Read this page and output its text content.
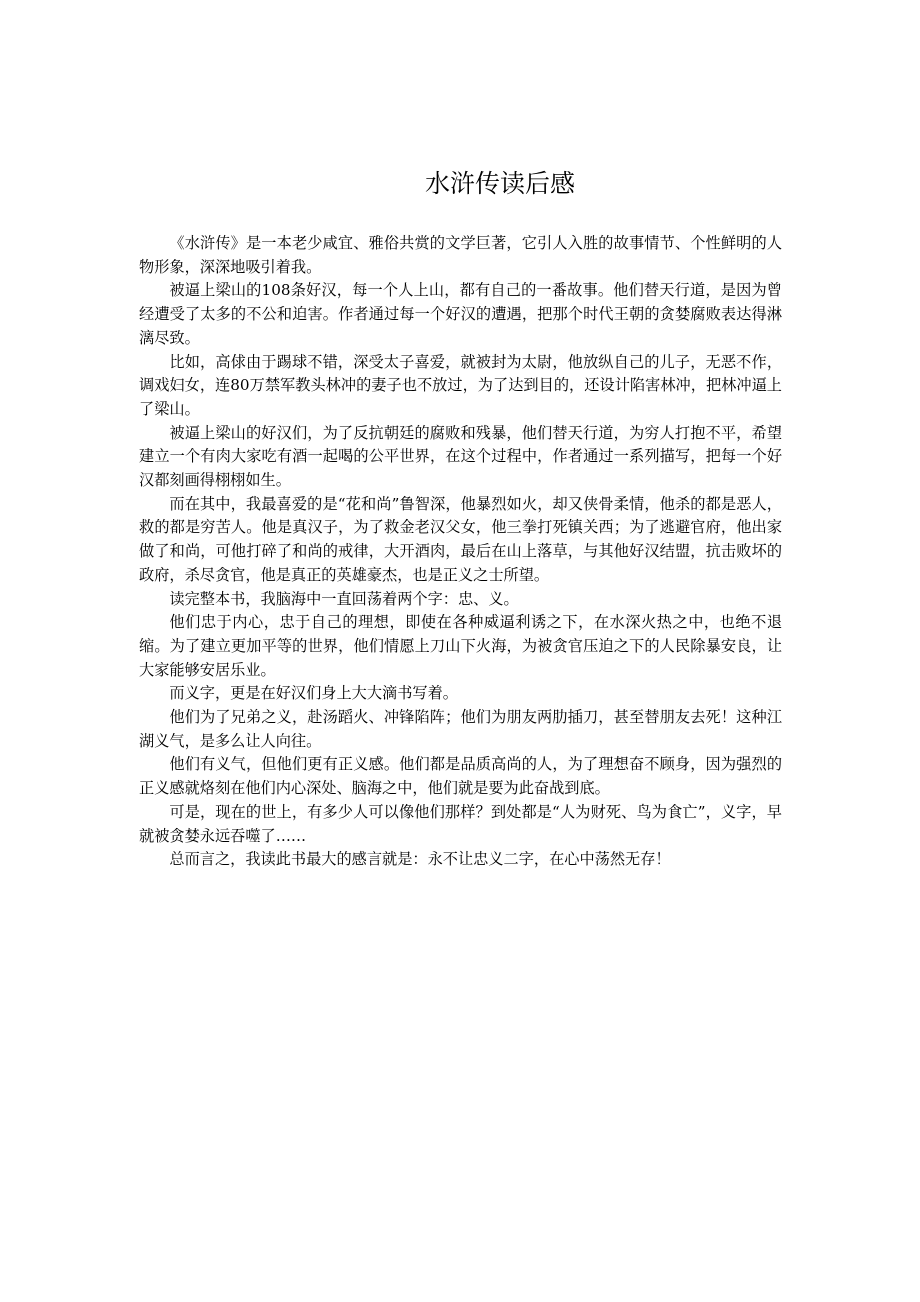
水浒传读后感

《水浒传》是一本老少咸宜、雅俗共赏的文学巨著，它引人入胜的故事情节、个性鲜明的人物形象，深深地吸引着我。

被逼上梁山的108条好汉，每一个人上山，都有自己的一番故事。他们替天行道，是因为曾经遭受了太多的不公和迫害。作者通过每一个好汉的遭遇，把那个时代王朝的贪婪腐败表达得淋漓尽致。

比如，高俅由于踢球不错，深受太子喜爱，就被封为太尉，他放纵自己的儿子，无恶不作，调戏妇女，连80万禁军教头林冲的妻子也不放过，为了达到目的，还设计陷害林冲，把林冲逼上了梁山。

被逼上梁山的好汉们，为了反抗朝廷的腐败和残暴，他们替天行道，为穷人打抱不平，希望建立一个有肉大家吃有酒一起喝的公平世界，在这个过程中，作者通过一系列描写，把每一个好汉都刻画得栩栩如生。

而在其中，我最喜爱的是“花和尚”鲁智深，他暴烈如火，却又侠骨柔情，他杀的都是恶人，救的都是穷苦人。他是真汉子，为了救金老汉父女，他三拳打死镇关西；为了逃避官府，他出家做了和尚，可他打碎了和尚的戒律，大开酒肉，最后在山上落草，与其他好汉结盟，抗击败坏的政府，杀尽贪官，他是真正的英雄豪杰，也是正义之士所望。

读完整本书，我脑海中一直回荡着两个字：忠、义。

他们忠于内心，忠于自己的理想，即使在各种威逼利诱之下，在水深火热之中，也绝不退缩。为了建立更加平等的世界，他们情愿上刀山下火海，为被贪官压迫之下的人民除暴安良，让大家能够安居乐业。

而义字，更是在好汉们身上大大滴书写着。

他们为了兄弟之义，赴汤蹈火、冲锋陷阵；他们为朋友两肋插刀，甚至替朋友去死！这种江湖义气，是多么让人向往。

他们有义气，但他们更有正义感。他们都是品质高尚的人，为了理想奋不顾身，因为强烈的正义感就烙刻在他们内心深处、脑海之中，他们就是要为此奋战到底。

可是，现在的世上，有多少人可以像他们那样？到处都是“人为财死、鸟为食亡”，义字，早就被贪婪永远吞噬了……

总而言之，我读此书最大的感言就是：永不让忠义二字，在心中荡然无存！
